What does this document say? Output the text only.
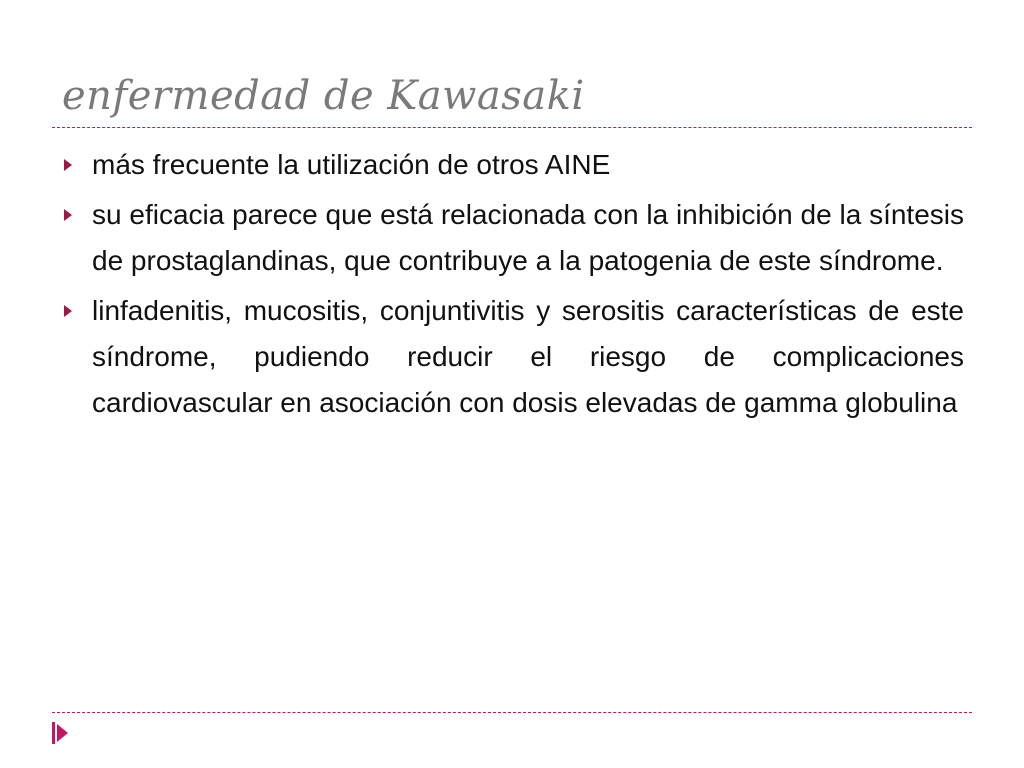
enfermedad de Kawasaki
más frecuente la utilización de otros AINE
su eficacia parece que está relacionada con la inhibición de la síntesis de prostaglandinas, que contribuye a la patogenia de este síndrome.
linfadenitis, mucositis, conjuntivitis y serositis características de este síndrome, pudiendo reducir el riesgo de complicaciones cardiovascular en asociación con dosis elevadas de gamma globulina
